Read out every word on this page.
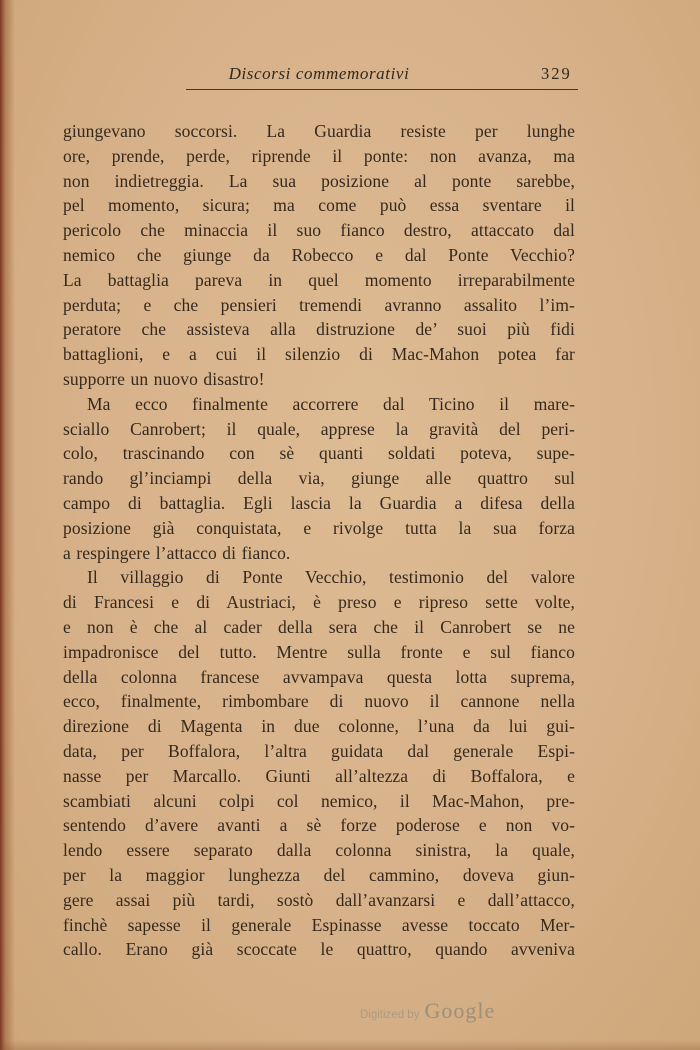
Discorsi commemorativi	329
giungevano soccorsi. La Guardia resiste per lunghe
ore, prende, perde, riprende il ponte: non avanza, ma
non indietreggia. La sua posizione al ponte sarebbe,
pel momento, sicura; ma come può essa sventare il
pericolo che minaccia il suo fianco destro, attaccato dal
nemico che giunge da Robecco e dal Ponte Vecchio?
La battaglia pareva in quel momento irreparabilmente
perduta; e che pensieri tremendi avranno assalito l’im-
peratore che assisteva alla distruzione de’ suoi più fidi
battaglioni, e a cui il silenzio di Mac-Mahon potea far
supporre un nuovo disastro!
Ma ecco finalmente accorrere dal Ticino il mare-
sciallo Canrobert; il quale, apprese la gravità del peri-
colo, trascinando con sè quanti soldati poteva, supe-
rando gl’inciampi della via, giunge alle quattro sul
campo di battaglia. Egli lascia la Guardia a difesa della
posizione già conquistata, e rivolge tutta la sua forza
a respingere l’attacco di fianco.
Il villaggio di Ponte Vecchio, testimonio del valore
di Francesi e di Austriaci, è preso e ripreso sette volte,
e non è che al cader della sera che il Canrobert se ne
impadronisce del tutto. Mentre sulla fronte e sul fianco
della colonna francese avvampava questa lotta suprema,
ecco, finalmente, rimbombare di nuovo il cannone nella
direzione di Magenta in due colonne, l’una da lui gui-
data, per Boffalora, l’altra guidata dal generale Espi-
nasse per Marcallo. Giunti all’altezza di Boffalora, e
scambiati alcuni colpi col nemico, il Mac-Mahon, pre-
sentendo d’avere avanti a sè forze poderose e non vo-
lendo essere separato dalla colonna sinistra, la quale,
per la maggior lunghezza del cammino, doveva giun-
gere assai più tardi, sostò dall’avanzarsi e dall’attacco,
finchè sapesse il generale Espinasse avesse toccato Mer-
callo. Erano già scoccate le quattro, quando avveniva
Digitized by Google
